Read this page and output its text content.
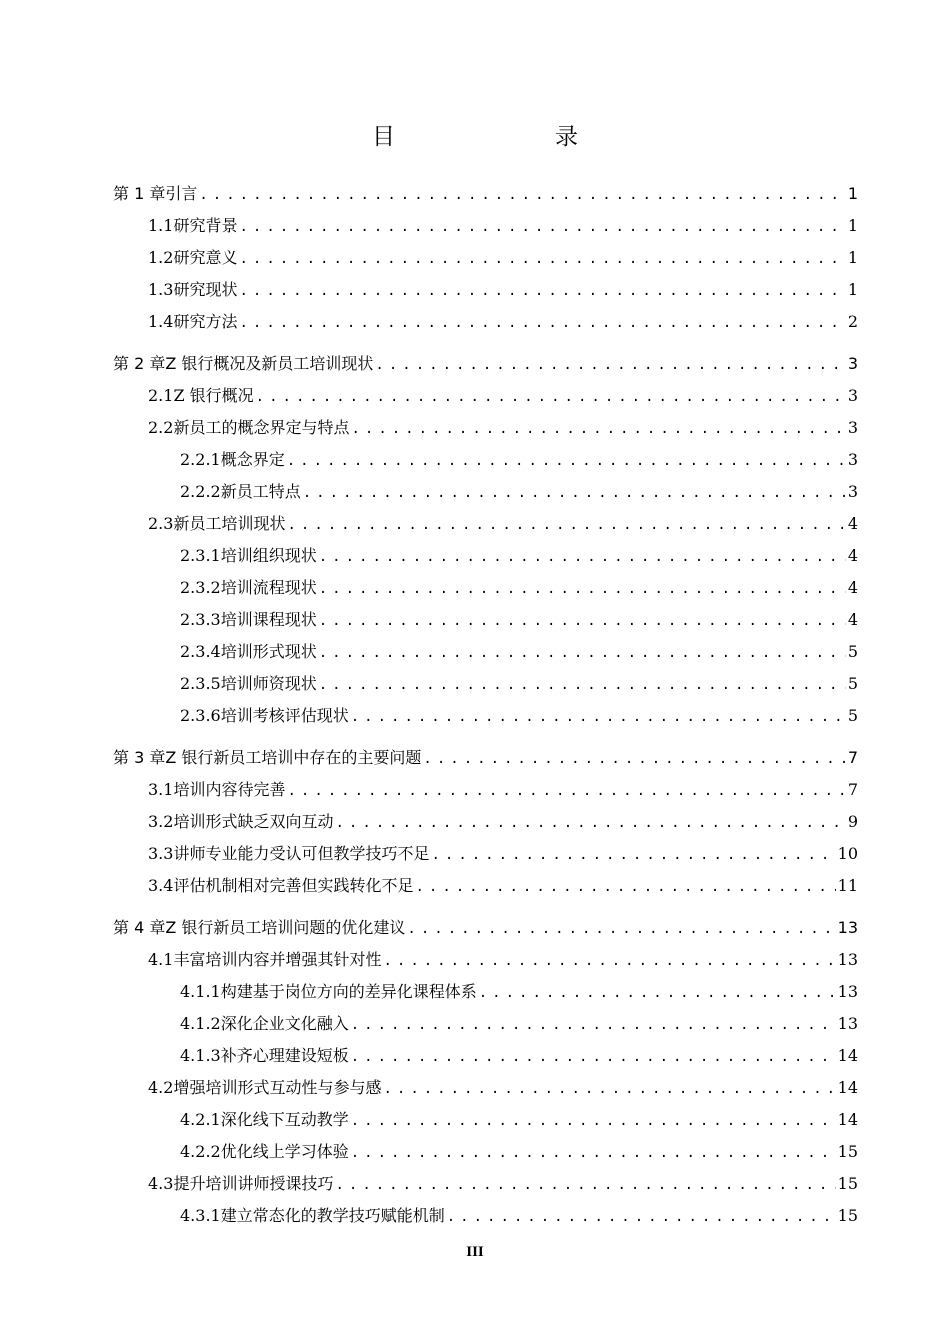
目　　录
第 1 章 引言 .....	1
1.1 研究背景 .....	1
1.2 研究意义 .....	1
1.3 研究现状 .....	1
1.4 研究方法 .....	2
第 2 章 Z 银行概况及新员工培训现状 .....	3
2.1 Z 银行概况 .....	3
2.2 新员工的概念界定与特点 .....	3
2.2.1 概念界定 .....	3
2.2.2 新员工特点 .....	3
2.3 新员工培训现状 .....	4
2.3.1 培训组织现状 .....	4
2.3.2 培训流程现状 .....	4
2.3.3 培训课程现状 .....	4
2.3.4 培训形式现状 .....	5
2.3.5 培训师资现状 .....	5
2.3.6 培训考核评估现状 .....	5
第 3 章 Z 银行新员工培训中存在的主要问题 .....	7
3.1 培训内容待完善 .....	7
3.2 培训形式缺乏双向互动 .....	9
3.3 讲师专业能力受认可但教学技巧不足 .....	10
3.4 评估机制相对完善但实践转化不足 .....	11
第 4 章 Z 银行新员工培训问题的优化建议 .....	13
4.1 丰富培训内容并增强其针对性 .....	13
4.1.1 构建基于岗位方向的差异化课程体系 .....	13
4.1.2 深化企业文化融入 .....	13
4.1.3 补齐心理建设短板 .....	14
4.2 增强培训形式互动性与参与感 .....	14
4.2.1 深化线下互动教学 .....	14
4.2.2 优化线上学习体验 .....	15
4.3 提升培训讲师授课技巧 .....	15
4.3.1 建立常态化的教学技巧赋能机制 .....	15
III
